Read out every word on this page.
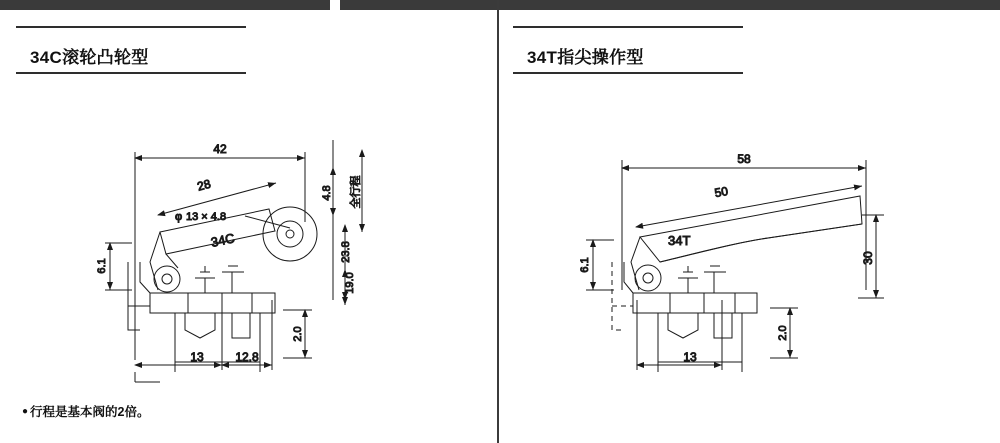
34C滚轮凸轮型	34T指尖操作型
42
28
φ 13 × 4.8
4.8
23.8
19.0
全行程
6.1
13	12.8
2.0
34C
58
50
6.1	30
13
2.0
34T
● 行程是基本阀的2倍。
